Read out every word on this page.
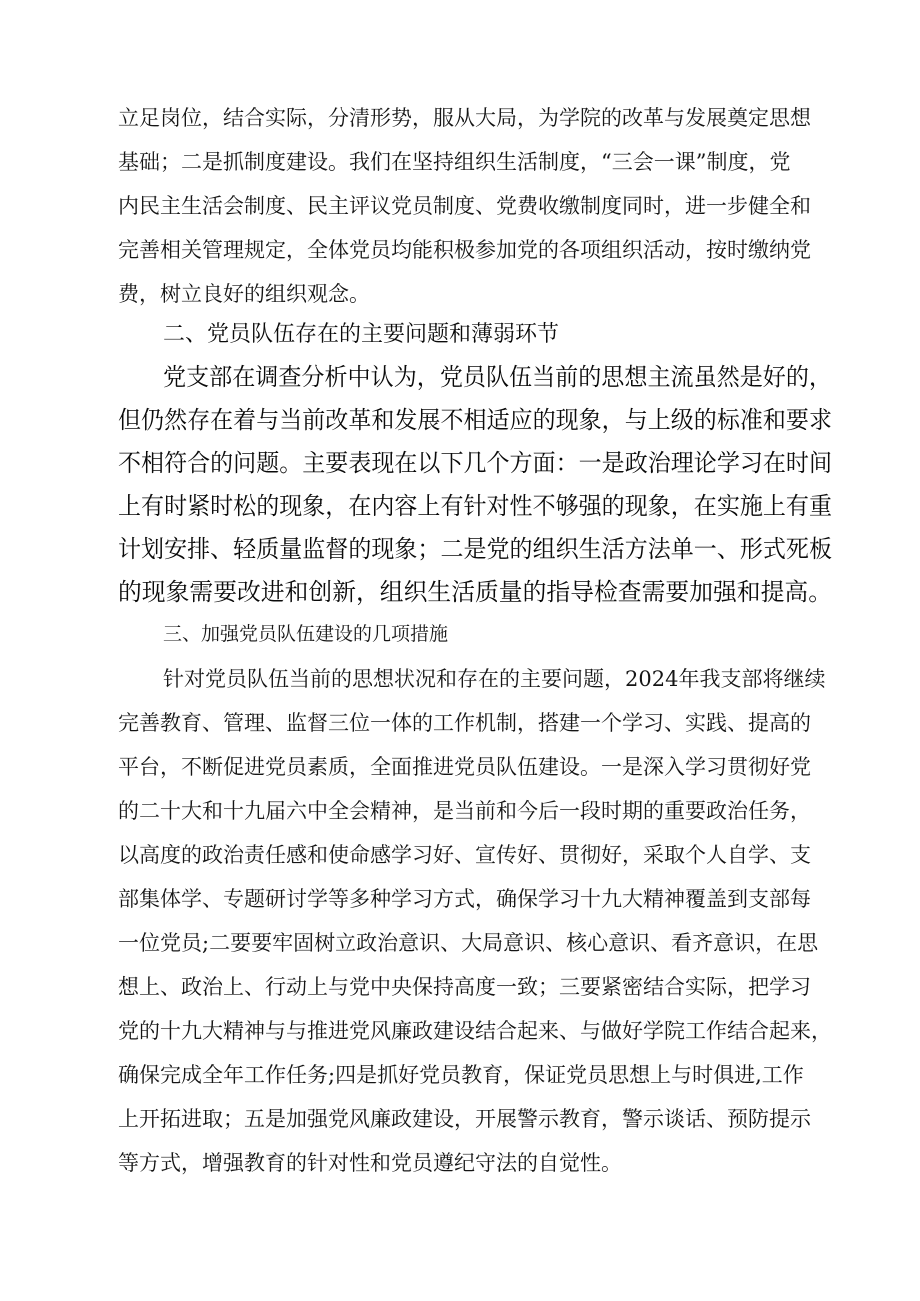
立足岗位，结合实际，分清形势，服从大局，为学院的改革与发展奠定思想
基础；二是抓制度建设。我们在坚持组织生活制度，“三会一课”制度，党
内民主生活会制度、民主评议党员制度、党费收缴制度同时，进一步健全和
完善相关管理规定，全体党员均能积极参加党的各项组织活动，按时缴纳党
费，树立良好的组织观念。
二、党员队伍存在的主要问题和薄弱环节
党支部在调查分析中认为，党员队伍当前的思想主流虽然是好的，
但仍然存在着与当前改革和发展不相适应的现象，与上级的标准和要求
不相符合的问题。主要表现在以下几个方面：一是政治理论学习在时间
上有时紧时松的现象，在内容上有针对性不够强的现象，在实施上有重
计划安排、轻质量监督的现象；二是党的组织生活方法单一、形式死板
的现象需要改进和创新，组织生活质量的指导检查需要加强和提高。
三、加强党员队伍建设的几项措施
针对党员队伍当前的思想状况和存在的主要问题，2024年我支部将继续
完善教育、管理、监督三位一体的工作机制，搭建一个学习、实践、提高的
平台，不断促进党员素质，全面推进党员队伍建设。一是深入学习贯彻好党
的二十大和十九届六中全会精神，是当前和今后一段时期的重要政治任务，
以高度的政治责任感和使命感学习好、宣传好、贯彻好，采取个人自学、支
部集体学、专题研讨学等多种学习方式，确保学习十九大精神覆盖到支部每
一位党员;二要要牢固树立政治意识、大局意识、核心意识、看齐意识，在思
想上、政治上、行动上与党中央保持高度一致；三要紧密结合实际，把学习
党的十九大精神与与推进党风廉政建设结合起来、与做好学院工作结合起来，
确保完成全年工作任务;四是抓好党员教育，保证党员思想上与时俱进,工作
上开拓进取；五是加强党风廉政建设，开展警示教育，警示谈话、预防提示
等方式，增强教育的针对性和党员遵纪守法的自觉性。
